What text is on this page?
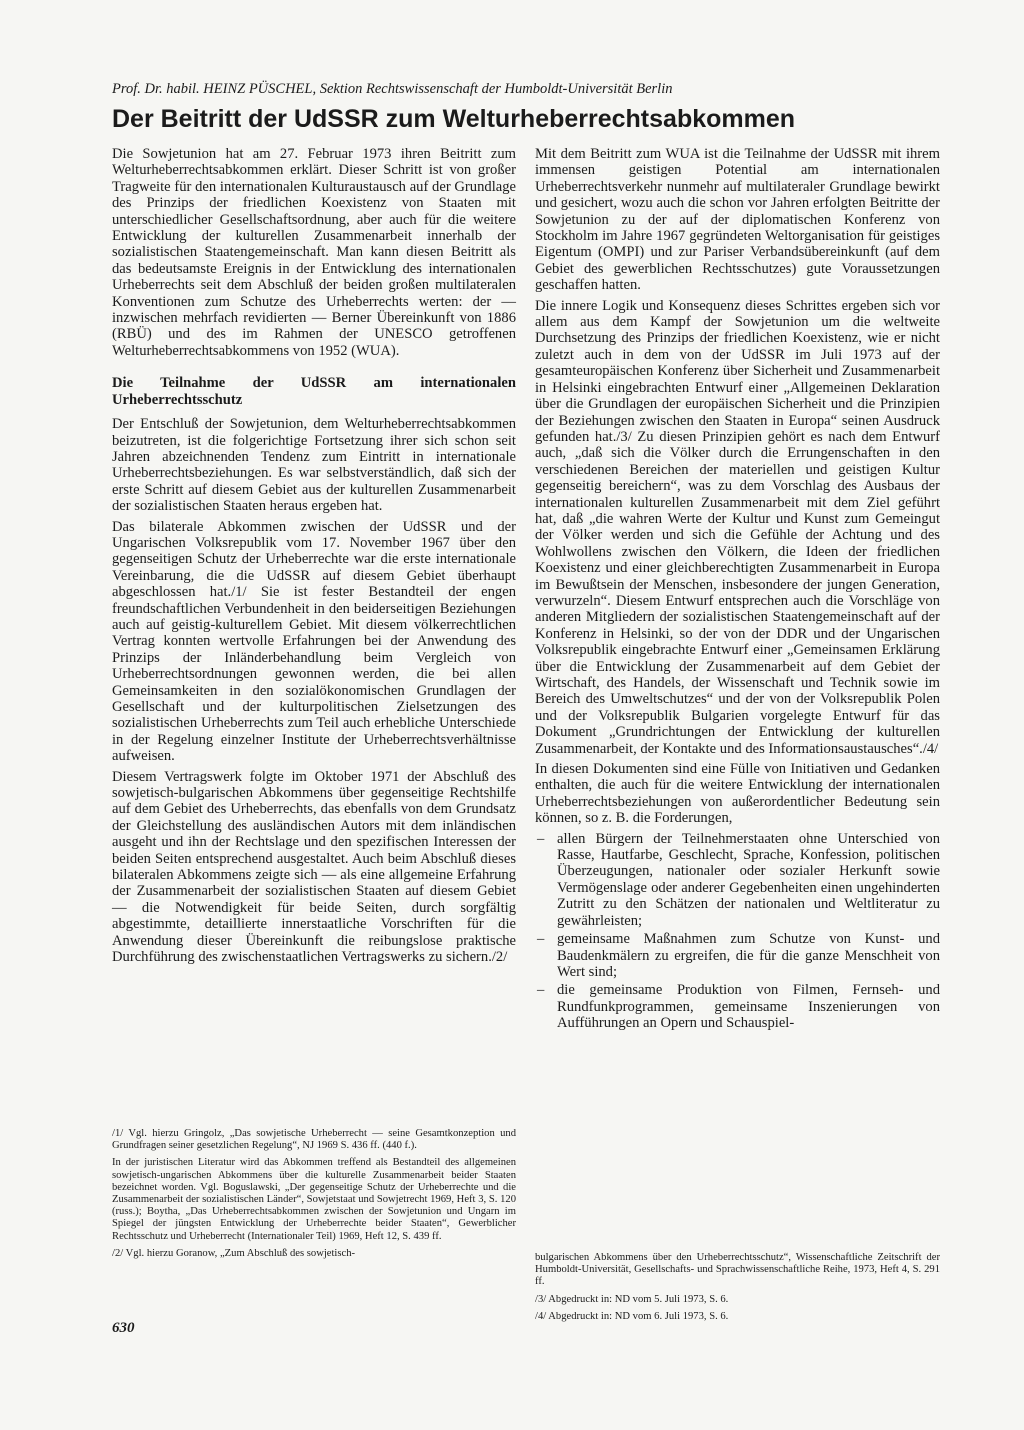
Prof. Dr. habil. HEINZ PÜSCHEL, Sektion Rechtswissenschaft der Humboldt-Universität Berlin
Der Beitritt der UdSSR zum Welturheberrechtsabkommen

Die Sowjetunion hat am 27. Februar 1973 ihren Beitritt zum Welturheberrechtsabkommen erklärt. Dieser Schritt ist von großer Tragweite für den internationalen Kulturaustausch auf der Grundlage des Prinzips der friedlichen Koexistenz von Staaten mit unterschiedlicher Gesellschaftsordnung, aber auch für die weitere Entwicklung der kulturellen Zusammenarbeit innerhalb der sozialistischen Staatengemeinschaft. Man kann diesen Beitritt als das bedeutsamste Ereignis in der Entwicklung des internationalen Urheberrechts seit dem Abschluß der beiden großen multilateralen Konventionen zum Schutze des Urheberrechts werten: der — inzwischen mehrfach revidierten — Berner Übereinkunft von 1886 (RBÜ) und des im Rahmen der UNESCO getroffenen Welturheberrechtsabkommens von 1952 (WUA).

Die Teilnahme der UdSSR am internationalen Urheberrechtsschutz

Der Entschluß der Sowjetunion, dem Welturheberrechtsabkommen beizutreten, ist die folgerichtige Fortsetzung ihrer sich schon seit Jahren abzeichnenden Tendenz zum Eintritt in internationale Urheberrechtsbeziehungen. Es war selbstverständlich, daß sich der erste Schritt auf diesem Gebiet aus der kulturellen Zusammenarbeit der sozialistischen Staaten heraus ergeben hat.

Das bilaterale Abkommen zwischen der UdSSR und der Ungarischen Volksrepublik vom 17. November 1967 über den gegenseitigen Schutz der Urheberrechte war die erste internationale Vereinbarung, die die UdSSR auf diesem Gebiet überhaupt abgeschlossen hat./1/ Sie ist fester Bestandteil der engen freundschaftlichen Verbundenheit in den beiderseitigen Beziehungen auch auf geistig-kulturellem Gebiet. Mit diesem völkerrechtlichen Vertrag konnten wertvolle Erfahrungen bei der Anwendung des Prinzips der Inländerbehandlung beim Vergleich von Urheberrechtsordnungen gewonnen werden, die bei allen Gemeinsamkeiten in den sozialökonomischen Grundlagen der Gesellschaft und der kulturpolitischen Zielsetzungen des sozialistischen Urheberrechts zum Teil auch erhebliche Unterschiede in der Regelung einzelner Institute der Urheberrechtsverhältnisse aufweisen.

Diesem Vertragswerk folgte im Oktober 1971 der Abschluß des sowjetisch-bulgarischen Abkommens über gegenseitige Rechtshilfe auf dem Gebiet des Urheberrechts, das ebenfalls von dem Grundsatz der Gleichstellung des ausländischen Autors mit dem inländischen ausgeht und ihn der Rechtslage und den spezifischen Interessen der beiden Seiten entsprechend ausgestaltet. Auch beim Abschluß dieses bilateralen Abkommens zeigte sich — als eine allgemeine Erfahrung der Zusammenarbeit der sozialistischen Staaten auf diesem Gebiet — die Notwendigkeit für beide Seiten, durch sorgfältig abgestimmte, detaillierte innerstaatliche Vorschriften für die Anwendung dieser Übereinkunft die reibungslose praktische Durchführung des zwischenstaatlichen Vertragswerks zu sichern./2/

Mit dem Beitritt zum WUA ist die Teilnahme der UdSSR mit ihrem immensen geistigen Potential am internationalen Urheberrechtsverkehr nunmehr auf multilateraler Grundlage bewirkt und gesichert, wozu auch die schon vor Jahren erfolgten Beitritte der Sowjetunion zu der auf der diplomatischen Konferenz von Stockholm im Jahre 1967 gegründeten Weltorganisation für geistiges Eigentum (OMPI) und zur Pariser Verbandsübereinkunft (auf dem Gebiet des gewerblichen Rechtsschutzes) gute Voraussetzungen geschaffen hatten.

Die innere Logik und Konsequenz dieses Schrittes ergeben sich vor allem aus dem Kampf der Sowjetunion um die weltweite Durchsetzung des Prinzips der friedlichen Koexistenz, wie er nicht zuletzt auch in dem von der UdSSR im Juli 1973 auf der gesamteuropäischen Konferenz über Sicherheit und Zusammenarbeit in Helsinki eingebrachten Entwurf einer „Allgemeinen Deklaration über die Grundlagen der europäischen Sicherheit und die Prinzipien der Beziehungen zwischen den Staaten in Europa“ seinen Ausdruck gefunden hat./3/ Zu diesen Prinzipien gehört es nach dem Entwurf auch, „daß sich die Völker durch die Errungenschaften in den verschiedenen Bereichen der materiellen und geistigen Kultur gegenseitig bereichern“, was zu dem Vorschlag des Ausbaus der internationalen kulturellen Zusammenarbeit mit dem Ziel geführt hat, daß „die wahren Werte der Kultur und Kunst zum Gemeingut der Völker werden und sich die Gefühle der Achtung und des Wohlwollens zwischen den Völkern, die Ideen der friedlichen Koexistenz und einer gleichberechtigten Zusammenarbeit in Europa im Bewußtsein der Menschen, insbesondere der jungen Generation, verwurzeln“. Diesem Entwurf entsprechen auch die Vorschläge von anderen Mitgliedern der sozialistischen Staatengemeinschaft auf der Konferenz in Helsinki, so der von der DDR und der Ungarischen Volksrepublik eingebrachte Entwurf einer „Gemeinsamen Erklärung über die Entwicklung der Zusammenarbeit auf dem Gebiet der Wirtschaft, des Handels, der Wissenschaft und Technik sowie im Bereich des Umweltschutzes“ und der von der Volksrepublik Polen und der Volksrepublik Bulgarien vorgelegte Entwurf für das Dokument „Grundrichtungen der Entwicklung der kulturellen Zusammenarbeit, der Kontakte und des Informationsaustausches“./4/

In diesen Dokumenten sind eine Fülle von Initiativen und Gedanken enthalten, die auch für die weitere Entwicklung der internationalen Urheberrechtsbeziehungen von außerordentlicher Bedeutung sein können, so z. B. die Forderungen,

– allen Bürgern der Teilnehmerstaaten ohne Unterschied von Rasse, Hautfarbe, Geschlecht, Sprache, Konfession, politischen Überzeugungen, nationaler oder sozialer Herkunft sowie Vermögenslage oder anderer Gegebenheiten einen ungehinderten Zutritt zu den Schätzen der nationalen und Weltliteratur zu gewährleisten;
– gemeinsame Maßnahmen zum Schutze von Kunst- und Baudenkmälern zu ergreifen, die für die ganze Menschheit von Wert sind;
– die gemeinsame Produktion von Filmen, Fernseh- und Rundfunkprogrammen, gemeinsame Inszenierungen von Aufführungen an Opern und Schauspiel-

/1/ Vgl. hierzu Gringolz, „Das sowjetische Urheberrecht — seine Gesamtkonzeption und Grundfragen seiner gesetzlichen Regelung“, NJ 1969 S. 436 ff. (440 f.).

In der juristischen Literatur wird das Abkommen treffend als Bestandteil des allgemeinen sowjetisch-ungarischen Abkommens über die kulturelle Zusammenarbeit beider Staaten bezeichnet worden. Vgl. Boguslawski, „Der gegenseitige Schutz der Urheberrechte und die Zusammenarbeit der sozialistischen Länder“, Sowjetstaat und Sowjetrecht 1969, Heft 3, S. 120 (russ.); Boytha, „Das Urheberrechtsabkommen zwischen der Sowjetunion und Ungarn im Spiegel der jüngsten Entwicklung der Urheberrechte beider Staaten“, Gewerblicher Rechtsschutz und Urheberrecht (Internationaler Teil) 1969, Heft 12, S. 439 ff.

/2/ Vgl. hierzu Goranow, „Zum Abschluß des sowjetisch-	bulgarischen Abkommens über den Urheberrechtsschutz“, Wissenschaftliche Zeitschrift der Humboldt-Universität, Gesellschafts- und Sprachwissenschaftliche Reihe, 1973, Heft 4, S. 291 ff.

/3/ Abgedruckt in: ND vom 5. Juli 1973, S. 6.

/4/ Abgedruckt in: ND vom 6. Juli 1973, S. 6.

630
